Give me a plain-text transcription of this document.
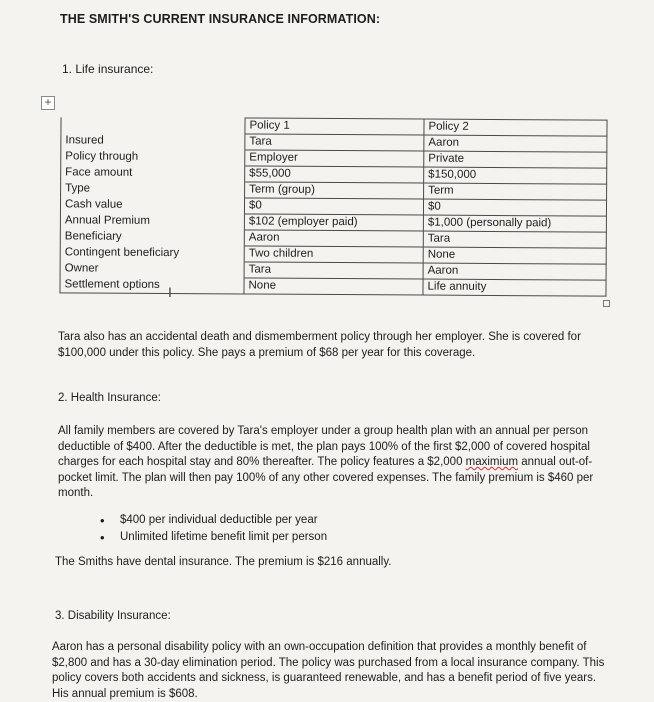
THE SMITH'S CURRENT INSURANCE INFORMATION:
1. Life insurance:
+
	Policy 1	Policy 2
Insured	Tara	Aaron
Policy through	Employer	Private
Face amount	$55,000	$150,000
Type	Term (group)	Term
Cash value	$0	$0
Annual Premium	$102 (employer paid)	$1,000 (personally paid)
Beneficiary	Aaron	Tara
Contingent beneficiary	Two children	None
Owner	Tara	Aaron
Settlement options	None	Life annuity
I

Tara also has an accidental death and dismemberment policy through her employer. She is covered for $100,000 under this policy. She pays a premium of $68 per year for this coverage.

2. Health Insurance:

All family members are covered by Tara's employer under a group health plan with an annual per person deductible of $400. After the deductible is met, the plan pays 100% of the first $2,000 of covered hospital charges for each hospital stay and 80% thereafter. The policy features a $2,000 maximium annual out-of-pocket limit. The plan will then pay 100% of any other covered expenses. The family premium is $460 per month.

• $400 per individual deductible per year
• Unlimited lifetime benefit limit per person
The Smiths have dental insurance. The premium is $216 annually.
3. Disability Insurance:

Aaron has a personal disability policy with an own-occupation definition that provides a monthly benefit of $2,800 and has a 30-day elimination period. The policy was purchased from a local insurance company. This policy covers both accidents and sickness, is guaranteed renewable, and has a benefit period of five years. His annual premium is $608.
